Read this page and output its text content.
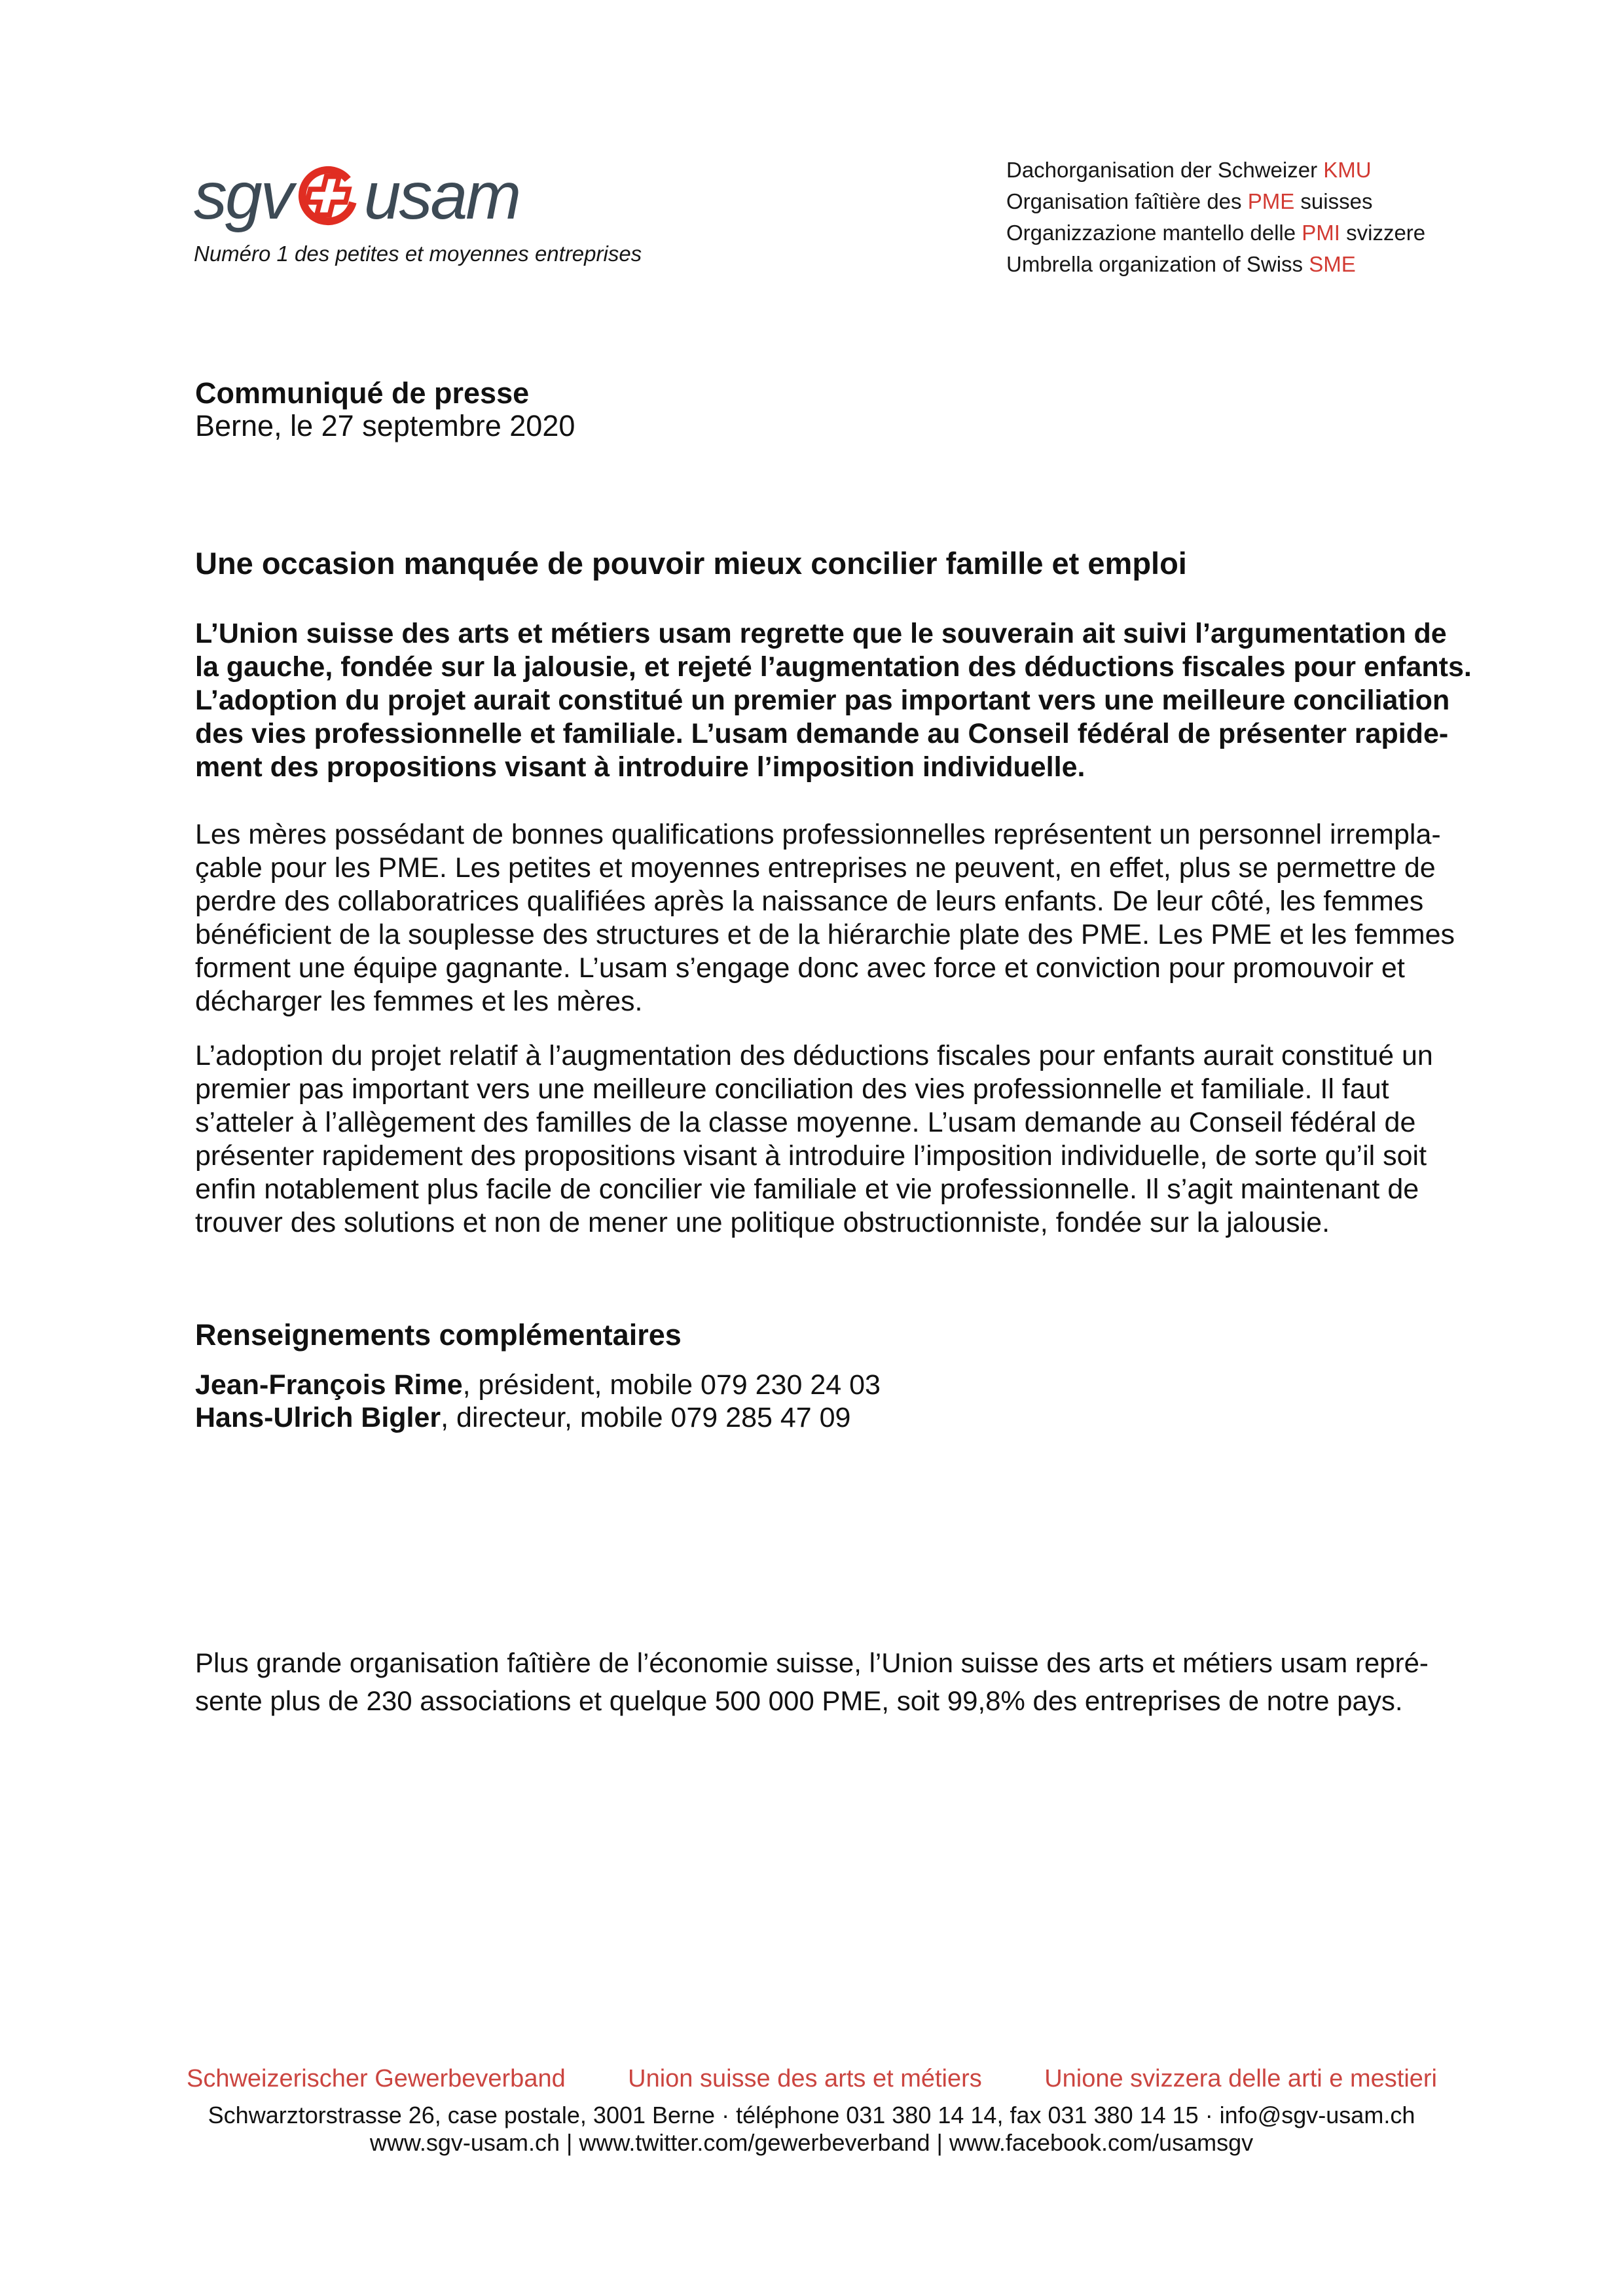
sgv usam
Numéro 1 des petites et moyennes entreprises
Dachorganisation der Schweizer KMU
Organisation faîtière des PME suisses
Organizzazione mantello delle PMI svizzere
Umbrella organization of Swiss SME
Communiqué de presse
Berne, le 27 septembre 2020
Une occasion manquée de pouvoir mieux concilier famille et emploi
L’Union suisse des arts et métiers usam regrette que le souverain ait suivi l’argumentation de
la gauche, fondée sur la jalousie, et rejeté l’augmentation des déductions fiscales pour enfants.
L’adoption du projet aurait constitué un premier pas important vers une meilleure conciliation
des vies professionnelle et familiale. L’usam demande au Conseil fédéral de présenter rapide-
ment des propositions visant à introduire l’imposition individuelle.
Les mères possédant de bonnes qualifications professionnelles représentent un personnel irrempla-
çable pour les PME. Les petites et moyennes entreprises ne peuvent, en effet, plus se permettre de
perdre des collaboratrices qualifiées après la naissance de leurs enfants. De leur côté, les femmes
bénéficient de la souplesse des structures et de la hiérarchie plate des PME. Les PME et les femmes
forment une équipe gagnante. L’usam s’engage donc avec force et conviction pour promouvoir et
décharger les femmes et les mères.
L’adoption du projet relatif à l’augmentation des déductions fiscales pour enfants aurait constitué un
premier pas important vers une meilleure conciliation des vies professionnelle et familiale. Il faut
s’atteler à l’allègement des familles de la classe moyenne. L’usam demande au Conseil fédéral de
présenter rapidement des propositions visant à introduire l’imposition individuelle, de sorte qu’il soit
enfin notablement plus facile de concilier vie familiale et vie professionnelle. Il s’agit maintenant de
trouver des solutions et non de mener une politique obstructionniste, fondée sur la jalousie.
Renseignements complémentaires
Jean-François Rime, président, mobile 079 230 24 03
Hans-Ulrich Bigler, directeur, mobile 079 285 47 09
Plus grande organisation faîtière de l’économie suisse, l’Union suisse des arts et métiers usam repré-
sente plus de 230 associations et quelque 500 000 PME, soit 99,8% des entreprises de notre pays.
Schweizerischer Gewerbeverband	Union suisse des arts et métiers	Unione svizzera delle arti e mestieri
Schwarztorstrasse 26, case postale, 3001 Berne · téléphone 031 380 14 14, fax 031 380 14 15 · info@sgv-usam.ch
www.sgv-usam.ch | www.twitter.com/gewerbeverband | www.facebook.com/usamsgv
